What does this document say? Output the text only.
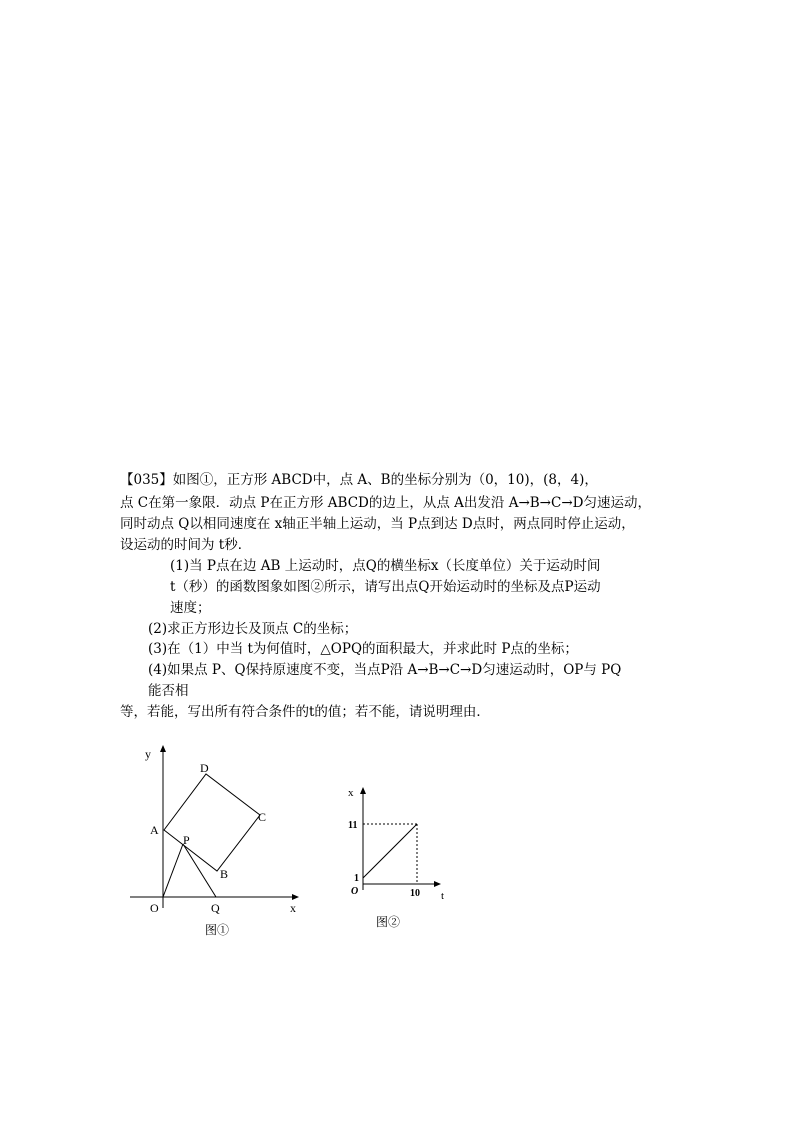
【035】如图①，正方形 ABCD中，点 A、B的坐标分别为（0，10)，(8，4)，
点 C在第一象限．动点 P在正方形 ABCD的边上，从点 A出发沿 A→B→C→D匀速运动，
同时动点 Q以相同速度在 x轴正半轴上运动，当 P点到达 D点时，两点同时停止运动，
设运动的时间为 t秒．
(1)当 P点在边 AB 上运动时，点Q的横坐标x（长度单位）关于运动时间
t（秒）的函数图象如图②所示，请写出点Q开始运动时的坐标及点P运动
速度；
(2)求正方形边长及顶点 C的坐标；
(3)在（1）中当 t为何值时，△OPQ的面积最大，并求此时 P点的坐标；
(4)如果点 P、Q保持原速度不变，当点P沿 A→B→C→D匀速运动时，OP与 PQ
能否相
等，若能，写出所有符合条件的t的值；若不能，请说明理由．
y
x
O
A
B
C
D
P
Q
图①
x
t
O
11
1
10
图②
